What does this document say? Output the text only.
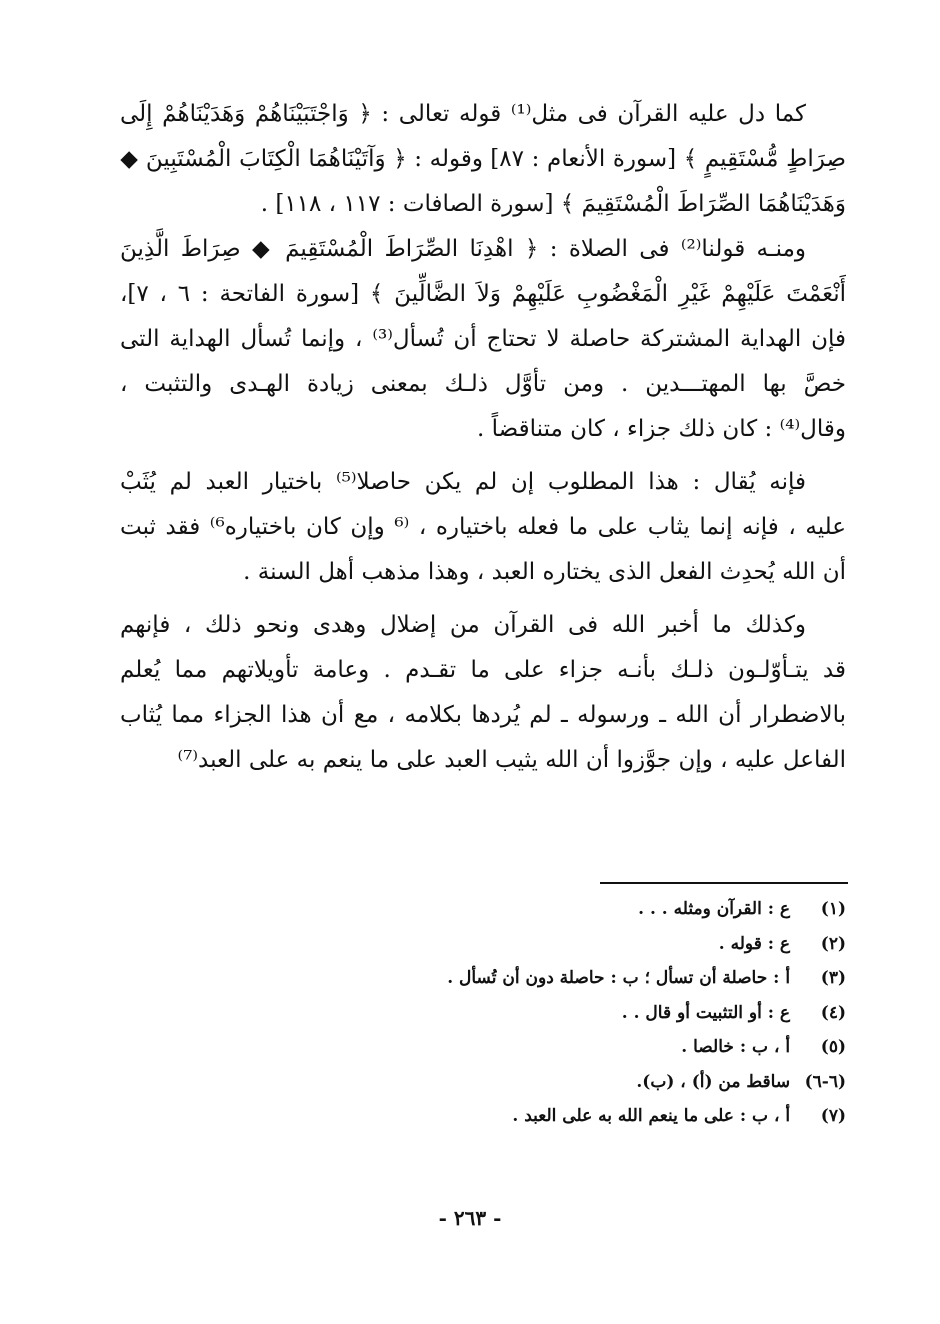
كما دل عليه القرآن فى مثل⁽¹⁾ قوله تعالى : ﴿ وَاجْتَبَيْنَاهُمْ وَهَدَيْنَاهُمْ إِلَى
صِرَاطٍ مُّسْتَقِيمٍ ﴾ [سورة الأنعام : ٨٧] وقوله : ﴿ وَآتَيْنَاهُمَا الْكِتَابَ الْمُسْتَبِينَ ◆
وَهَدَيْنَاهُمَا الصِّرَاطَ الْمُسْتَقِيمَ ﴾ [سورة الصافات : ١١٧ ، ١١٨] .
ومنـه قولنا⁽²⁾ فى الصلاة : ﴿ اهْدِنَا الصِّرَاطَ الْمُسْتَقِيمَ ◆ صِرَاطَ الَّذِينَ
أَنْعَمْتَ عَلَيْهِمْ غَيْرِ الْمَغْضُوبِ عَلَيْهِمْ وَلاَ الضَّالِّينَ ﴾ [سورة الفاتحة : ٦ ، ٧]،
فإن الهداية المشتركة حاصلة لا تحتاج أن تُسأل⁽³⁾ ، وإنما تُسأل الهداية التى
خصَّ بها المهتـــدين . ومن تأوَّل ذلـك بمعنى زيادة الهـدى والتثبت ،
وقال⁽⁴⁾ : كان ذلك جزاء ، كان متناقضاً .
فإنه يُقال : هذا المطلوب إن لم يكن حاصلا⁽⁵⁾ باختيار العبد لم يُثَبْ
عليه ، فإنه إنما يثاب على ما فعله باختياره ، ⁽⁶ وإن كان باختياره⁶⁾ فقد ثبت
أن الله يُحدِث الفعل الذى يختاره العبد ، وهذا مذهب أهل السنة .
وكذلك ما أخبر الله فى القرآن من إضلال وهدى ونحو ذلك ، فإنهم
قد يتـأوّلـون ذلـك بأنـه جزاء على ما تقـدم . وعامة تأويلاتهم مما يُعلم
بالاضطرار أن الله ـ ورسوله ـ لم يُردها بكلامه ، مع أن هذا الجزاء مما يُثاب
الفاعل عليه ، وإن جوَّزوا أن الله يثيب العبد على ما ينعم به على العبد⁽⁷⁾
(١) ع : القرآن ومثله . . .
(٢) ع : قوله .
(٣) أ : حاصلة أن تسأل ؛ ب : حاصلة دون أن تُسأل .
(٤) ع : أو التثبيت أو قال . .
(٥) أ ، ب : خالصا .
(٦-٦) ساقط من (أ) ، (ب).
(٧) أ ، ب : على ما ينعم الله به على العبد .
- ٢٦٣ -
